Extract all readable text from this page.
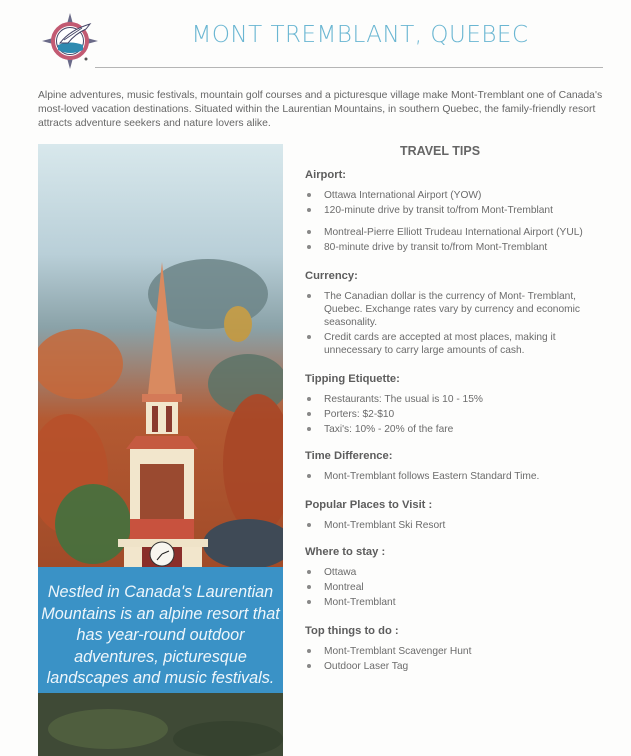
MONT TREMBLANT, QUEBEC
Alpine adventures, music festivals, mountain golf courses and a picturesque village make Mont-Tremblant one of Canada's most-loved vacation destinations. Situated within the Laurentian Mountains, in southern Quebec, the family-friendly resort attracts adventure seekers and nature lovers alike.
Nestled in Canada's Laurentian Mountains is an alpine resort that has year-round outdoor adventures, picturesque landscapes and music festivals.
TRAVEL TIPS
Airport:
Ottawa International Airport (YOW)
120-minute drive by transit to/from Mont-Tremblant
Montreal-Pierre Elliott Trudeau International Airport (YUL)
80-minute drive by transit to/from Mont-Tremblant
Currency:
The Canadian dollar is the currency of Mont- Tremblant, Quebec. Exchange rates vary by currency and economic seasonality.
Credit cards are accepted at most places, making it unnecessary to carry large amounts of cash.
Tipping Etiquette:
Restaurants: The usual is 10 - 15%
Porters: $2-$10
Taxi's: 10% - 20% of the fare
Time Difference:
Mont-Tremblant follows Eastern Standard Time.
Popular Places to Visit :
Mont-Tremblant Ski Resort
Where to stay :
Ottawa
Montreal
Mont-Tremblant
Top things to do :
Mont-Tremblant Scavenger Hunt
Outdoor Laser Tag
